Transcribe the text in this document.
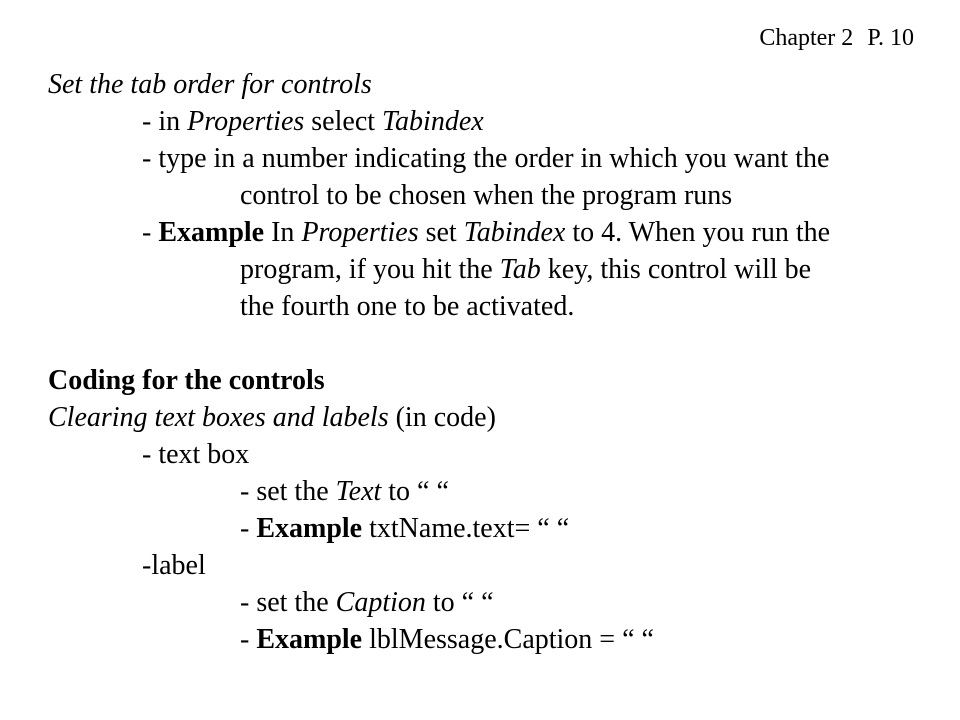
Chapter 2 P. 10
Set the tab order for controls
- in Properties select Tabindex
- type in a number indicating the order in which you want the
control to be chosen when the program runs
- Example In Properties set Tabindex to 4. When you run the
program, if you hit the Tab key, this control will be
the fourth one to be activated.
Coding for the controls
Clearing text boxes and labels (in code)
- text box
- set the Text to “ “
- Example txtName.text= “ “
-label
- set the Caption to “ “
- Example lblMessage.Caption = “ “
